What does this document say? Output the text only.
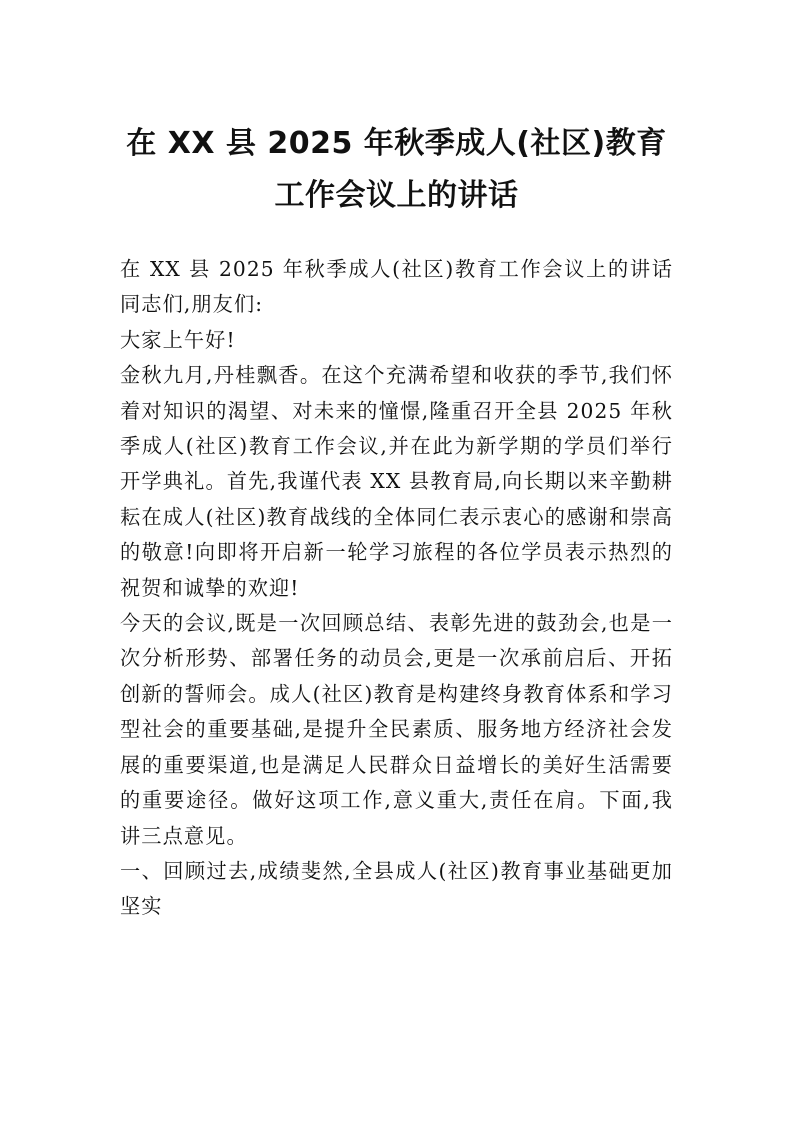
在 XX 县 2025 年秋季成人(社区)教育工作会议上的讲话

在 XX 县 2025 年秋季成人(社区)教育工作会议上的讲话同志们,朋友们:

大家上午好!

金秋九月,丹桂飘香。在这个充满希望和收获的季节,我们怀着对知识的渴望、对未来的憧憬,隆重召开全县 2025 年秋季成人(社区)教育工作会议,并在此为新学期的学员们举行开学典礼。首先,我谨代表 XX 县教育局,向长期以来辛勤耕耘在成人(社区)教育战线的全体同仁表示衷心的感谢和崇高的敬意!向即将开启新一轮学习旅程的各位学员表示热烈的祝贺和诚挚的欢迎!

今天的会议,既是一次回顾总结、表彰先进的鼓劲会,也是一次分析形势、部署任务的动员会,更是一次承前启后、开拓创新的誓师会。成人(社区)教育是构建终身教育体系和学习型社会的重要基础,是提升全民素质、服务地方经济社会发展的重要渠道,也是满足人民群众日益增长的美好生活需要的重要途径。做好这项工作,意义重大,责任在肩。下面,我讲三点意见。

一、回顾过去,成绩斐然,全县成人(社区)教育事业基础更加坚实
